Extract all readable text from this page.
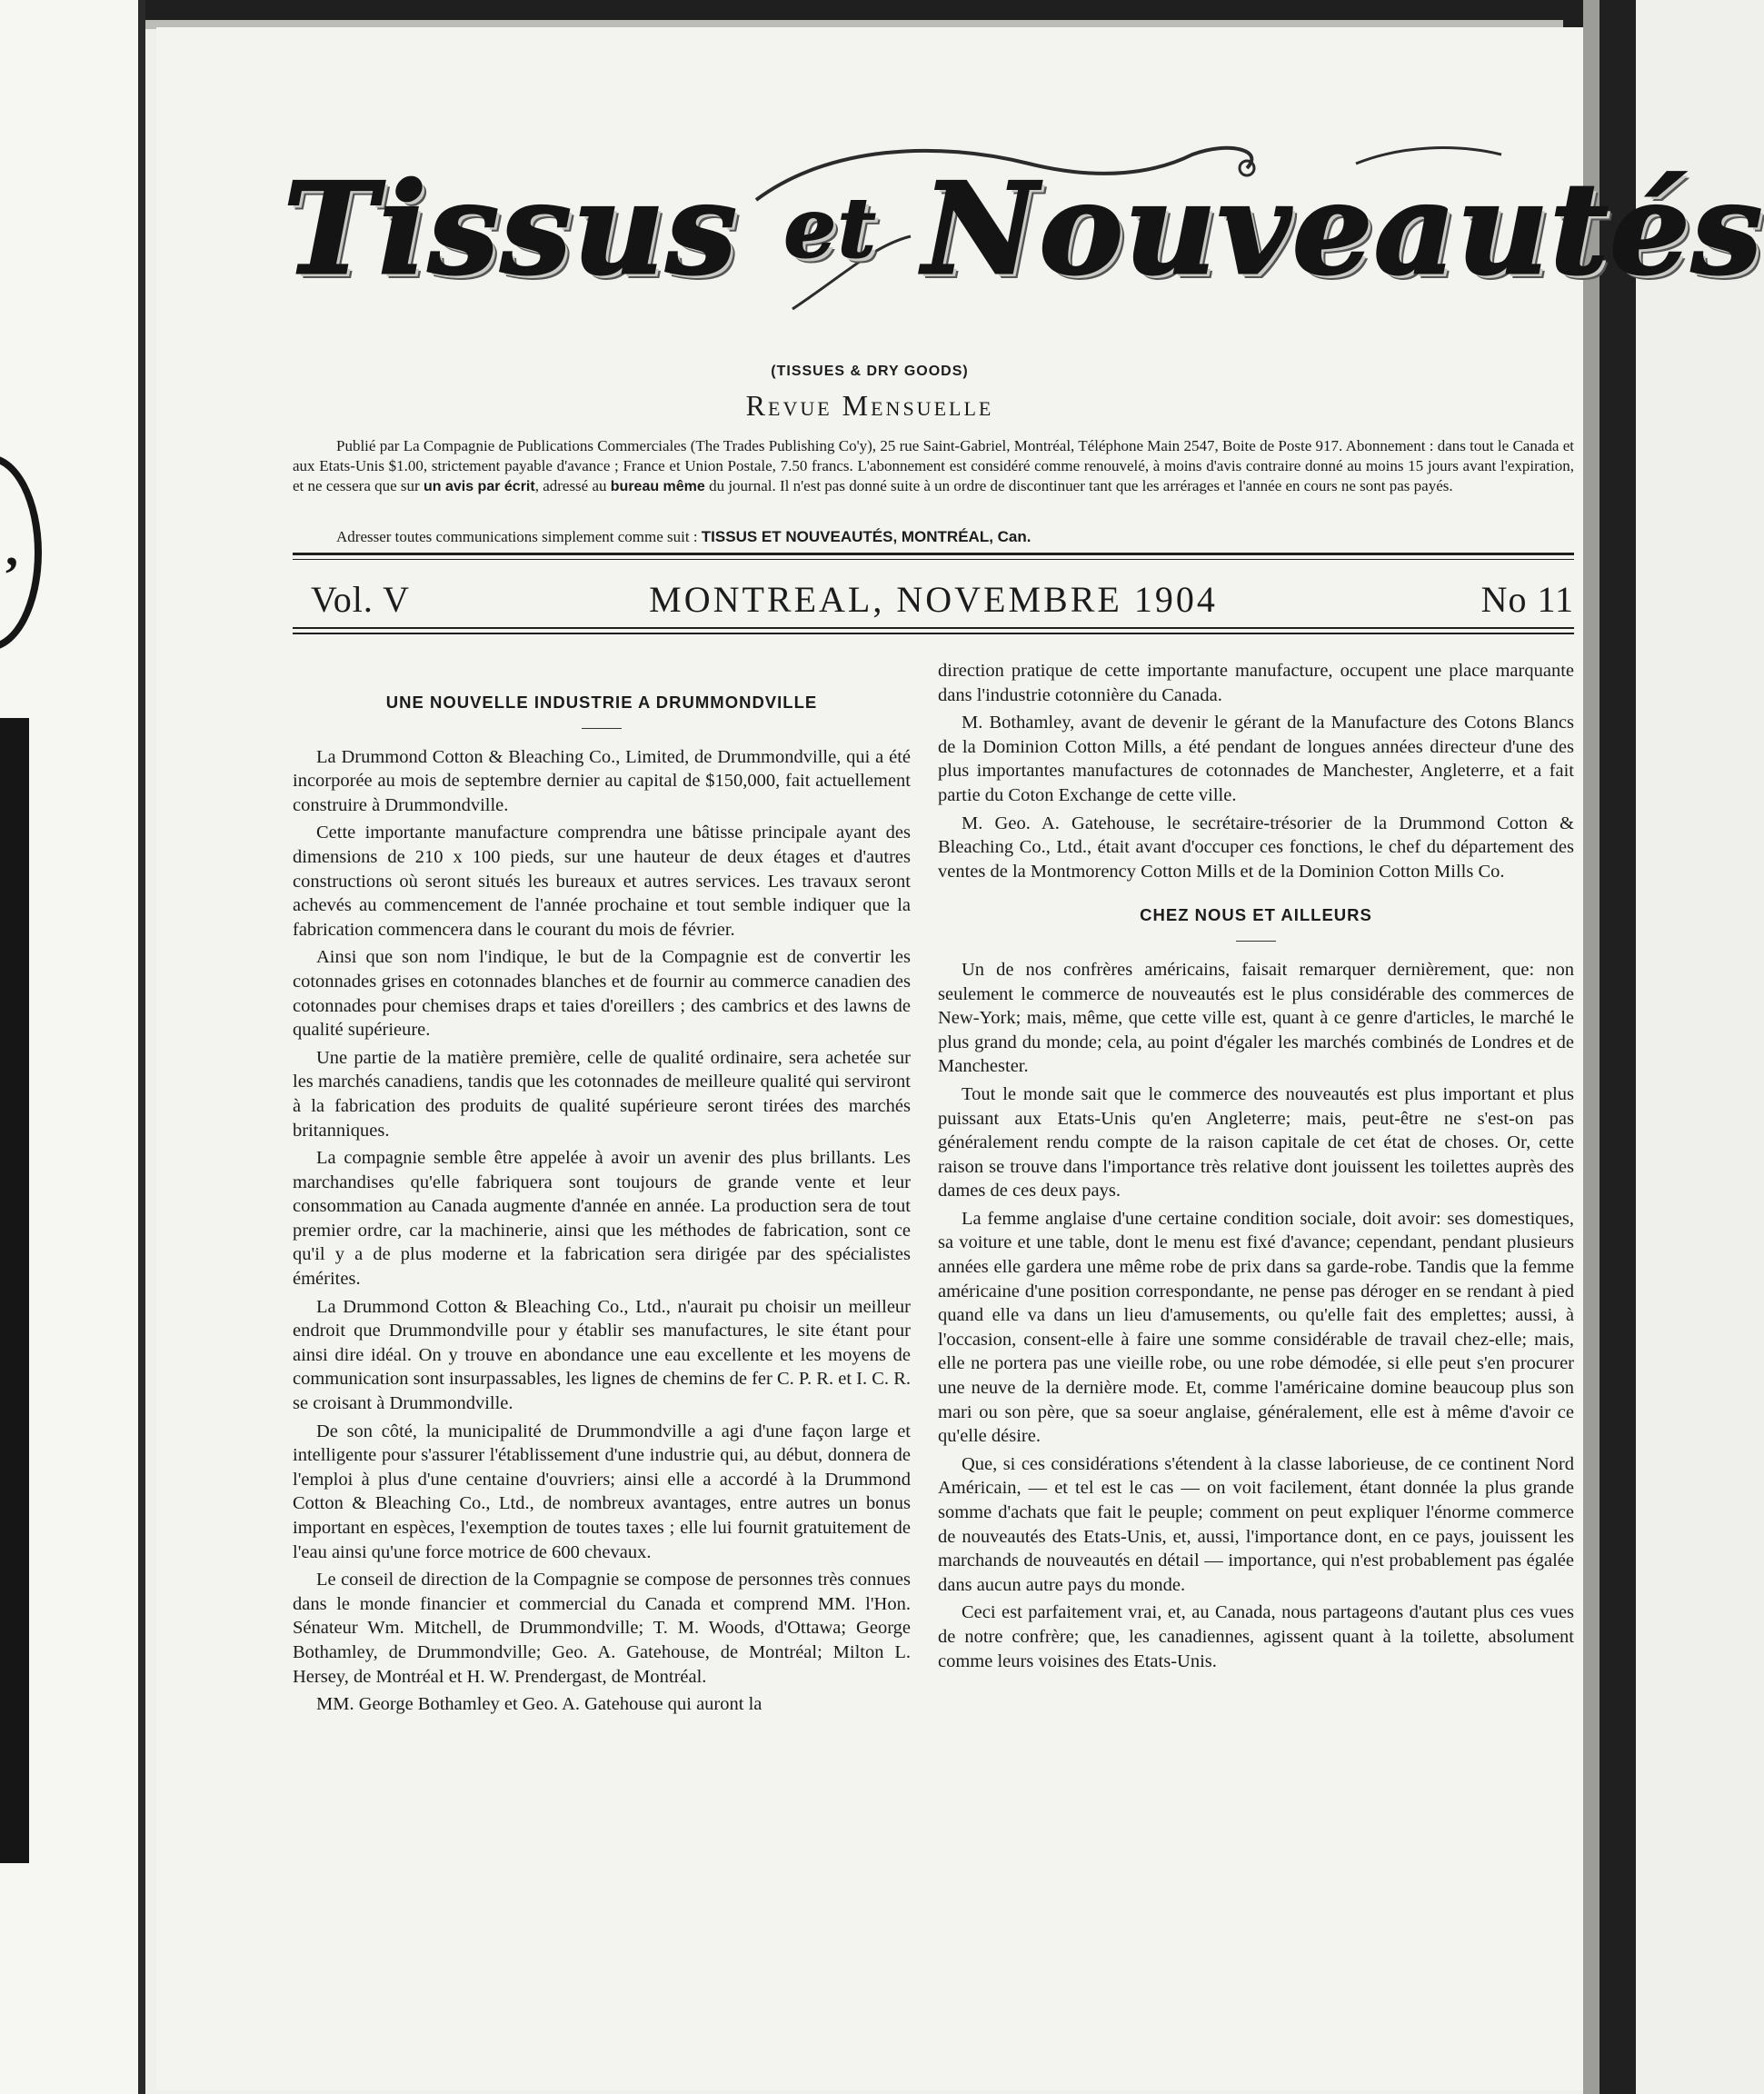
,
Tissus et Nouveautés
(TISSUES & DRY GOODS)
Revue Mensuelle
Publié par La Compagnie de Publications Commerciales (The Trades Publishing Co'y), 25 rue Saint-Gabriel, Montréal, Téléphone Main 2547, Boite de Poste 917. Abonnement : dans tout le Canada et aux Etats-Unis $1.00, strictement payable d'avance ; France et Union Postale, 7.50 francs. L'abonnement est considéré comme renouvelé, à moins d'avis contraire donné au moins 15 jours avant l'expiration, et ne cessera que sur un avis par écrit, adressé au bureau même du journal. Il n'est pas donné suite à un ordre de discontinuer tant que les arrérages et l'année en cours ne sont pas payés.
Adresser toutes communications simplement comme suit : TISSUS ET NOUVEAUTÉS, MONTRÉAL, Can.
MONTREAL, NOVEMBRE 1904
Vol. V	No 11
UNE NOUVELLE INDUSTRIE A DRUMMONDVILLE

La Drummond Cotton & Bleaching Co., Limited, de Drummondville, qui a été incorporée au mois de septembre dernier au capital de $150,000, fait actuellement construire à Drummondville.

Cette importante manufacture comprendra une bâtisse principale ayant des dimensions de 210 x 100 pieds, sur une hauteur de deux étages et d'autres constructions où seront situés les bureaux et autres services. Les travaux seront achevés au commencement de l'année prochaine et tout semble indiquer que la fabrication commencera dans le courant du mois de février.

Ainsi que son nom l'indique, le but de la Compagnie est de convertir les cotonnades grises en cotonnades blanches et de fournir au commerce canadien des cotonnades pour chemises draps et taies d'oreillers ; des cambrics et des lawns de qualité supérieure.

Une partie de la matière première, celle de qualité ordinaire, sera achetée sur les marchés canadiens, tandis que les cotonnades de meilleure qualité qui serviront à la fabrication des produits de qualité supérieure seront tirées des marchés britanniques.

La compagnie semble être appelée à avoir un avenir des plus brillants. Les marchandises qu'elle fabriquera sont toujours de grande vente et leur consommation au Canada augmente d'année en année. La production sera de tout premier ordre, car la machinerie, ainsi que les méthodes de fabrication, sont ce qu'il y a de plus moderne et la fabrication sera dirigée par des spécialistes émérites.

La Drummond Cotton & Bleaching Co., Ltd., n'aurait pu choisir un meilleur endroit que Drummondville pour y établir ses manufactures, le site étant pour ainsi dire idéal. On y trouve en abondance une eau excellente et les moyens de communication sont insurpassables, les lignes de chemins de fer C. P. R. et I. C. R. se croisant à Drummondville.

De son côté, la municipalité de Drummondville a agi d'une façon large et intelligente pour s'assurer l'établissement d'une industrie qui, au début, donnera de l'emploi à plus d'une centaine d'ouvriers; ainsi elle a accordé à la Drummond Cotton & Bleaching Co., Ltd., de nombreux avantages, entre autres un bonus important en espèces, l'exemption de toutes taxes ; elle lui fournit gratuitement de l'eau ainsi qu'une force motrice de 600 chevaux.

Le conseil de direction de la Compagnie se compose de personnes très connues dans le monde financier et commercial du Canada et comprend MM. l'Hon. Sénateur Wm. Mitchell, de Drummondville; T. M. Woods, d'Ottawa; George Bothamley, de Drummondville; Geo. A. Gatehouse, de Montréal; Milton L. Hersey, de Montréal et H. W. Prendergast, de Montréal.

MM. George Bothamley et Geo. A. Gatehouse qui auront la

direction pratique de cette importante manufacture, occupent une place marquante dans l'industrie cotonnière du Canada.

M. Bothamley, avant de devenir le gérant de la Manufacture des Cotons Blancs de la Dominion Cotton Mills, a été pendant de longues années directeur d'une des plus importantes manufactures de cotonnades de Manchester, Angleterre, et a fait partie du Coton Exchange de cette ville.

M. Geo. A. Gatehouse, le secrétaire-trésorier de la Drummond Cotton & Bleaching Co., Ltd., était avant d'occuper ces fonctions, le chef du département des ventes de la Montmorency Cotton Mills et de la Dominion Cotton Mills Co.

CHEZ NOUS ET AILLEURS

Un de nos confrères américains, faisait remarquer dernièrement, que: non seulement le commerce de nouveautés est le plus considérable des commerces de New-York; mais, même, que cette ville est, quant à ce genre d'articles, le marché le plus grand du monde; cela, au point d'égaler les marchés combinés de Londres et de Manchester.

Tout le monde sait que le commerce des nouveautés est plus important et plus puissant aux Etats-Unis qu'en Angleterre; mais, peut-être ne s'est-on pas généralement rendu compte de la raison capitale de cet état de choses. Or, cette raison se trouve dans l'importance très relative dont jouissent les toilettes auprès des dames de ces deux pays.

La femme anglaise d'une certaine condition sociale, doit avoir: ses domestiques, sa voiture et une table, dont le menu est fixé d'avance; cependant, pendant plusieurs années elle gardera une même robe de prix dans sa garde-robe. Tandis que la femme américaine d'une position correspondante, ne pense pas déroger en se rendant à pied quand elle va dans un lieu d'amusements, ou qu'elle fait des emplettes; aussi, à l'occasion, consent-elle à faire une somme considérable de travail chez-elle; mais, elle ne portera pas une vieille robe, ou une robe démodée, si elle peut s'en procurer une neuve de la dernière mode. Et, comme l'américaine domine beaucoup plus son mari ou son père, que sa soeur anglaise, généralement, elle est à même d'avoir ce qu'elle désire.

Que, si ces considérations s'étendent à la classe laborieuse, de ce continent Nord Américain, — et tel est le cas — on voit facilement, étant donnée la plus grande somme d'achats que fait le peuple; comment on peut expliquer l'énorme commerce de nouveautés des Etats-Unis, et, aussi, l'importance dont, en ce pays, jouissent les marchands de nouveautés en détail — importance, qui n'est probablement pas égalée dans aucun autre pays du monde.

Ceci est parfaitement vrai, et, au Canada, nous partageons d'autant plus ces vues de notre confrère; que, les canadiennes, agissent quant à la toilette, absolument comme leurs voisines des Etats-Unis.
